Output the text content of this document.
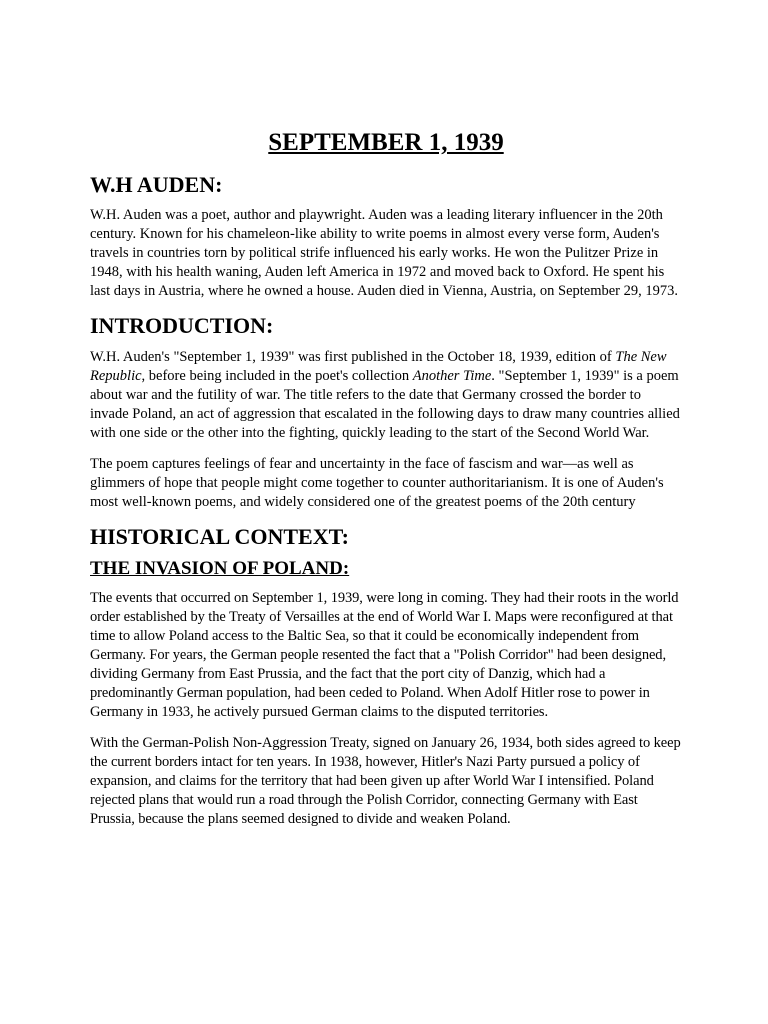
SEPTEMBER 1, 1939
W.H AUDEN:

W.H. Auden was a poet, author and playwright. Auden was a leading literary influencer in the 20th century. Known for his chameleon-like ability to write poems in almost every verse form, Auden's travels in countries torn by political strife influenced his early works. He won the Pulitzer Prize in 1948, with his health waning, Auden left America in 1972 and moved back to Oxford. He spent his last days in Austria, where he owned a house. Auden died in Vienna, Austria, on September 29, 1973.

INTRODUCTION:

W.H. Auden's "September 1, 1939" was first published in the October 18, 1939, edition of The New Republic, before being included in the poet's collection Another Time. "September 1, 1939" is a poem about war and the futility of war. The title refers to the date that Germany crossed the border to invade Poland, an act of aggression that escalated in the following days to draw many countries allied with one side or the other into the fighting, quickly leading to the start of the Second World War.

The poem captures feelings of fear and uncertainty in the face of fascism and war—as well as glimmers of hope that people might come together to counter authoritarianism. It is one of Auden's most well-known poems, and widely considered one of the greatest poems of the 20th century

HISTORICAL CONTEXT:
THE INVASION OF POLAND:

The events that occurred on September 1, 1939, were long in coming. They had their roots in the world order established by the Treaty of Versailles at the end of World War I. Maps were reconfigured at that time to allow Poland access to the Baltic Sea, so that it could be economically independent from Germany. For years, the German people resented the fact that a "Polish Corridor" had been designed, dividing Germany from East Prussia, and the fact that the port city of Danzig, which had a predominantly German population, had been ceded to Poland. When Adolf Hitler rose to power in Germany in 1933, he actively pursued German claims to the disputed territories.

With the German-Polish Non-Aggression Treaty, signed on January 26, 1934, both sides agreed to keep the current borders intact for ten years. In 1938, however, Hitler's Nazi Party pursued a policy of expansion, and claims for the territory that had been given up after World War I intensified. Poland rejected plans that would run a road through the Polish Corridor, connecting Germany with East Prussia, because the plans seemed designed to divide and weaken Poland.
